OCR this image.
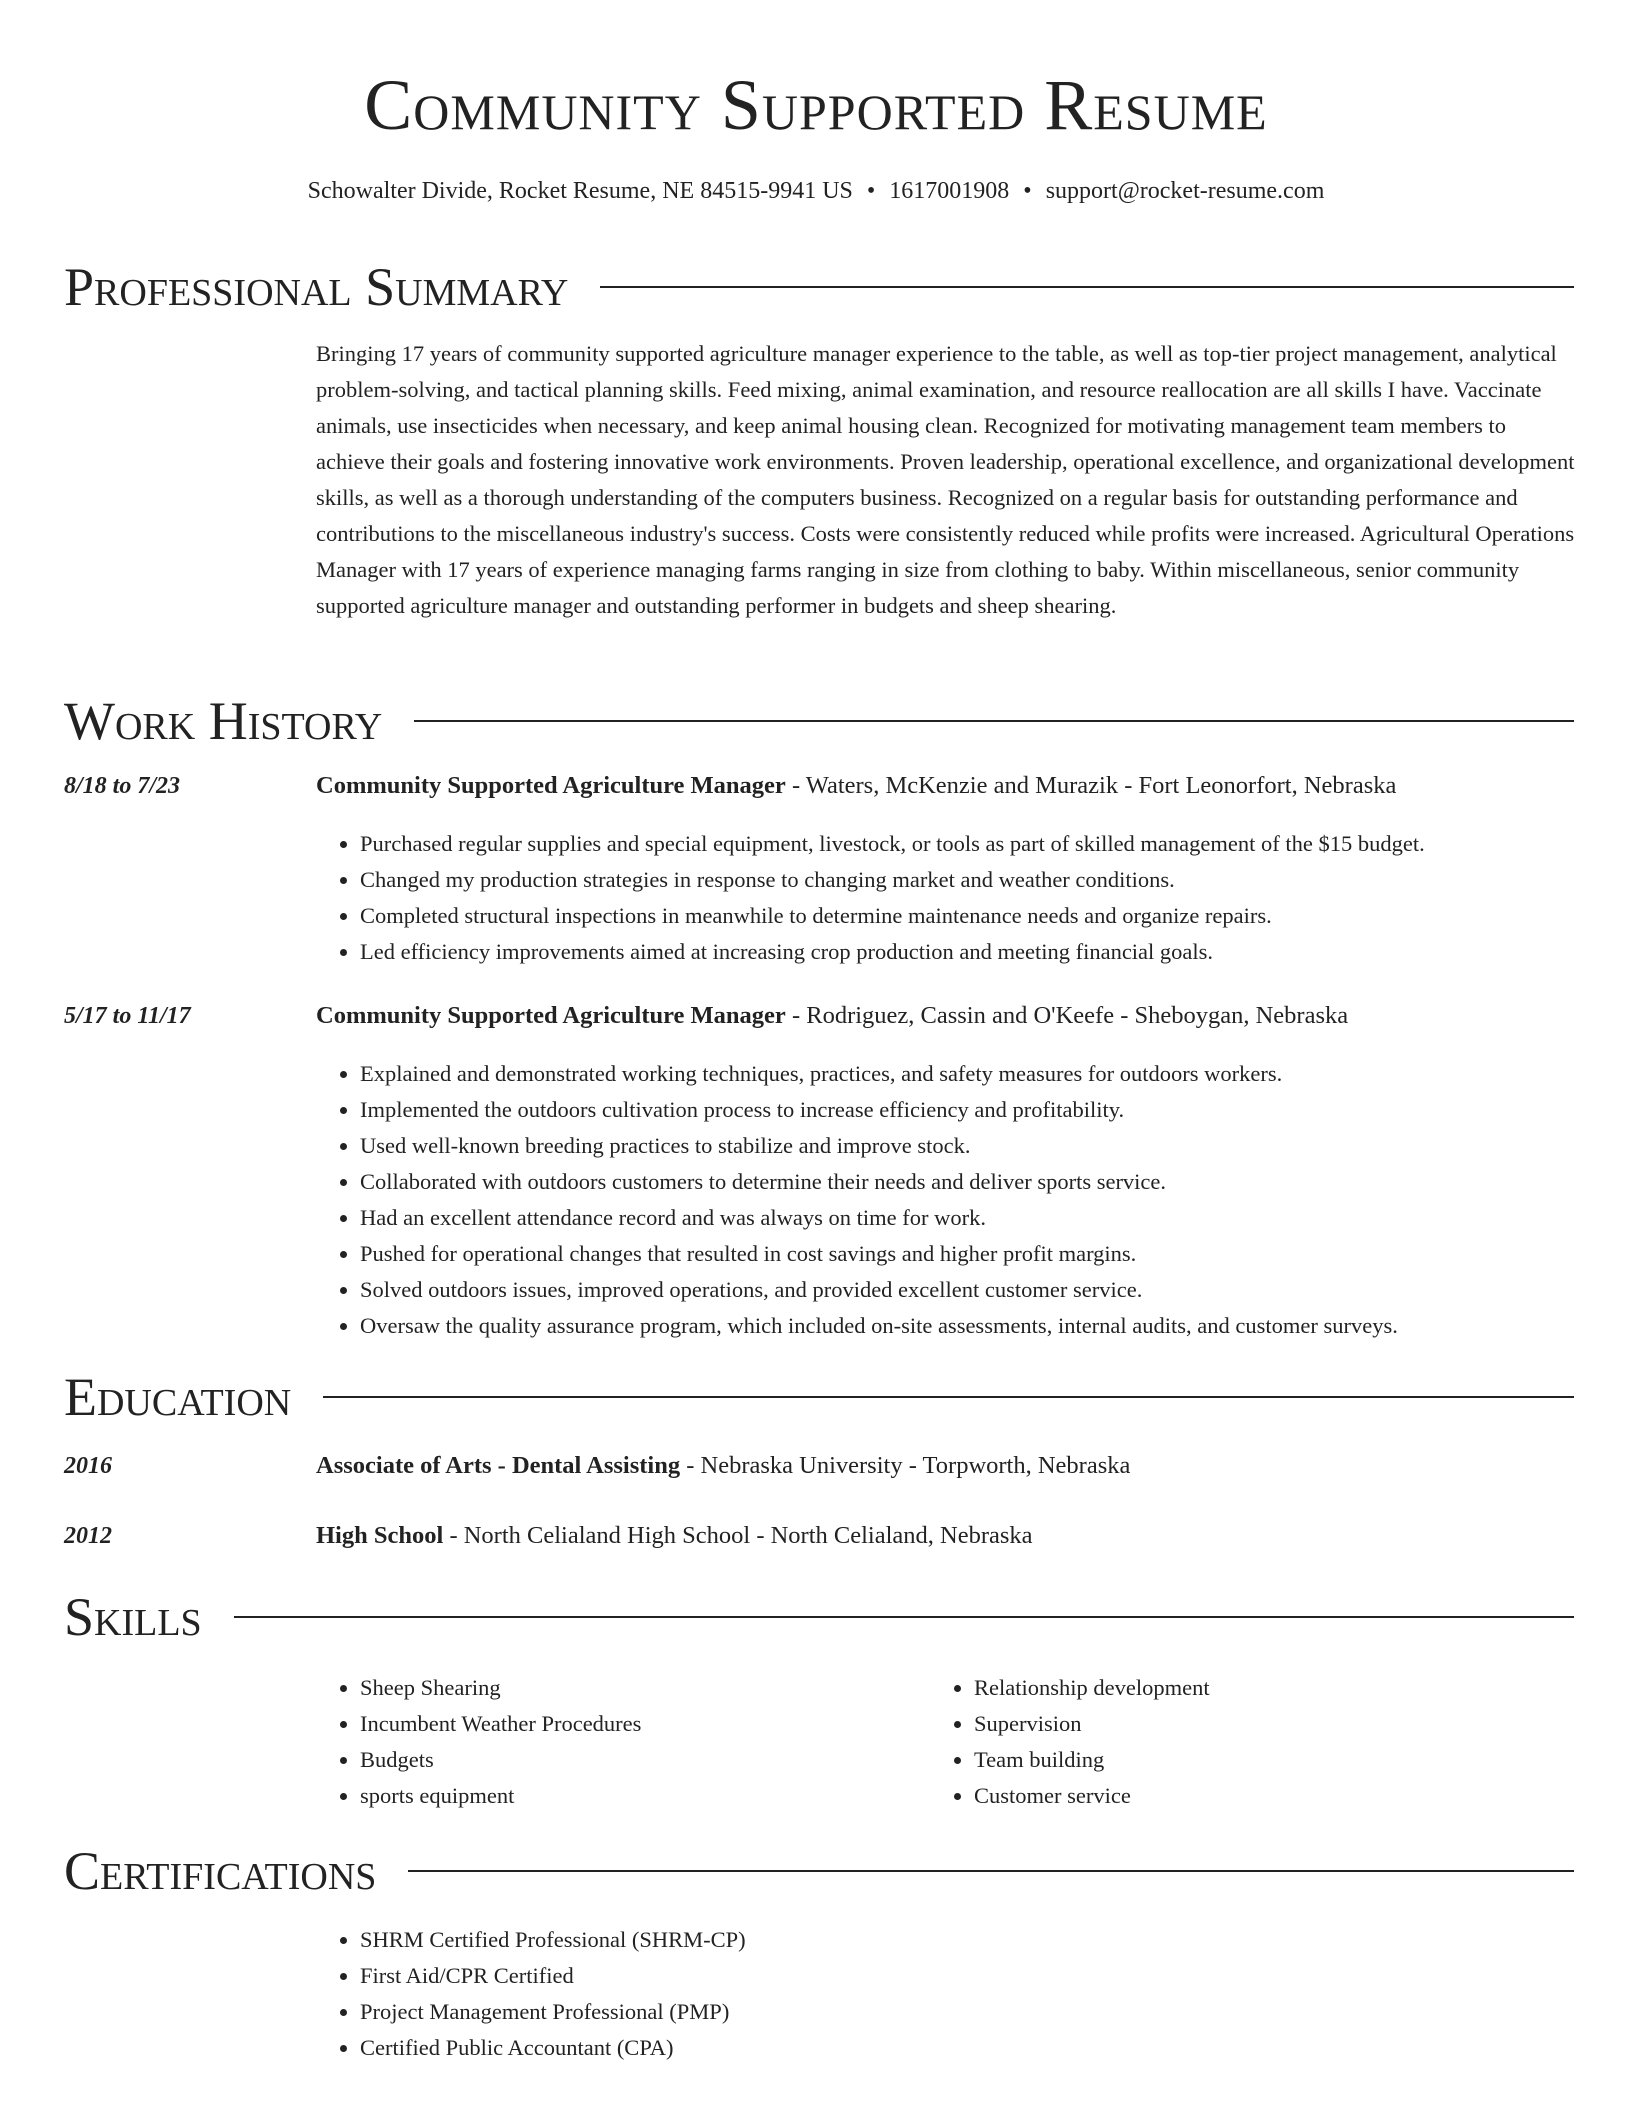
Community Supported Resume
Schowalter Divide, Rocket Resume, NE 84515-9941 US • 1617001908 • support@rocket-resume.com
Professional Summary

Bringing 17 years of community supported agriculture manager experience to the table, as well as top-tier project management, analytical problem-solving, and tactical planning skills. Feed mixing, animal examination, and resource reallocation are all skills I have. Vaccinate animals, use insecticides when necessary, and keep animal housing clean. Recognized for motivating management team members to achieve their goals and fostering innovative work environments. Proven leadership, operational excellence, and organizational development skills, as well as a thorough understanding of the computers business. Recognized on a regular basis for outstanding performance and contributions to the miscellaneous industry's success. Costs were consistently reduced while profits were increased. Agricultural Operations Manager with 17 years of experience managing farms ranging in size from clothing to baby. Within miscellaneous, senior community supported agriculture manager and outstanding performer in budgets and sheep shearing.

Work History
8/18 to 7/23	Community Supported Agriculture Manager - Waters, McKenzie and Murazik - Fort Leonorfort, Nebraska
• Purchased regular supplies and special equipment, livestock, or tools as part of skilled management of the $15 budget.
• Changed my production strategies in response to changing market and weather conditions.
• Completed structural inspections in meanwhile to determine maintenance needs and organize repairs.
• Led efficiency improvements aimed at increasing crop production and meeting financial goals.
5/17 to 11/17	Community Supported Agriculture Manager - Rodriguez, Cassin and O'Keefe - Sheboygan, Nebraska
• Explained and demonstrated working techniques, practices, and safety measures for outdoors workers.
• Implemented the outdoors cultivation process to increase efficiency and profitability.
• Used well-known breeding practices to stabilize and improve stock.
• Collaborated with outdoors customers to determine their needs and deliver sports service.
• Had an excellent attendance record and was always on time for work.
• Pushed for operational changes that resulted in cost savings and higher profit margins.
• Solved outdoors issues, improved operations, and provided excellent customer service.
• Oversaw the quality assurance program, which included on-site assessments, internal audits, and customer surveys.
Education
2016	Associate of Arts - Dental Assisting - Nebraska University - Torpworth, Nebraska
2012	High School - North Celialand High School - North Celialand, Nebraska
Skills
• Sheep Shearing
• Incumbent Weather Procedures
• Budgets
• sports equipment
• Relationship development
• Supervision
• Team building
• Customer service
Certifications
• SHRM Certified Professional (SHRM-CP)
• First Aid/CPR Certified
• Project Management Professional (PMP)
• Certified Public Accountant (CPA)
